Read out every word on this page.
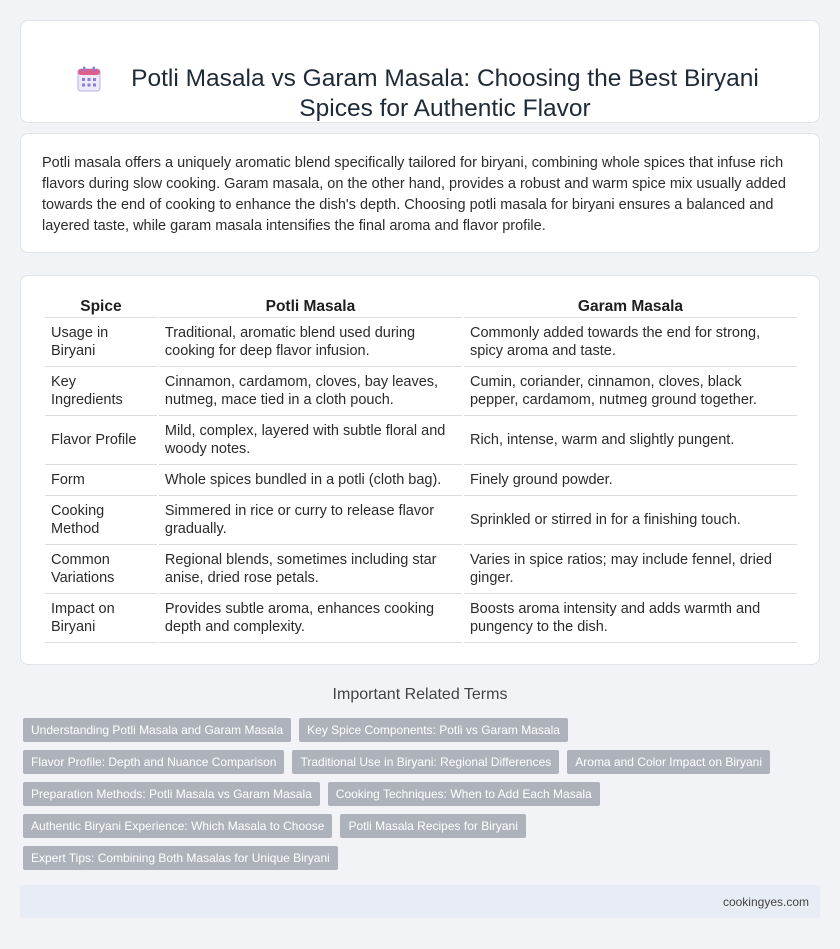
Potli Masala vs Garam Masala: Choosing the Best Biryani Spices for Authentic Flavor

Potli masala offers a uniquely aromatic blend specifically tailored for biryani, combining whole spices that infuse rich flavors during slow cooking. Garam masala, on the other hand, provides a robust and warm spice mix usually added towards the end of cooking to enhance the dish's depth. Choosing potli masala for biryani ensures a balanced and layered taste, while garam masala intensifies the final aroma and flavor profile.

Spice	Potli Masala	Garam Masala
Usage in Biryani	Traditional, aromatic blend used during cooking for deep flavor infusion.	Commonly added towards the end for strong, spicy aroma and taste.
Key Ingredients	Cinnamon, cardamom, cloves, bay leaves, nutmeg, mace tied in a cloth pouch.	Cumin, coriander, cinnamon, cloves, black pepper, cardamom, nutmeg ground together.
Flavor Profile	Mild, complex, layered with subtle floral and woody notes.	Rich, intense, warm and slightly pungent.
Form	Whole spices bundled in a potli (cloth bag).	Finely ground powder.
Cooking Method	Simmered in rice or curry to release flavor gradually.	Sprinkled or stirred in for a finishing touch.
Common Variations	Regional blends, sometimes including star anise, dried rose petals.	Varies in spice ratios; may include fennel, dried ginger.
Impact on Biryani	Provides subtle aroma, enhances cooking depth and complexity.	Boosts aroma intensity and adds warmth and pungency to the dish.
Important Related Terms
Understanding Potli Masala and Garam Masala	Key Spice Components: Potli vs Garam Masala
Flavor Profile: Depth and Nuance Comparison	Traditional Use in Biryani: Regional Differences	Aroma and Color Impact on Biryani
Preparation Methods: Potli Masala vs Garam Masala	Cooking Techniques: When to Add Each Masala
Authentic Biryani Experience: Which Masala to Choose	Potli Masala Recipes for Biryani
Expert Tips: Combining Both Masalas for Unique Biryani
cookingyes.com
